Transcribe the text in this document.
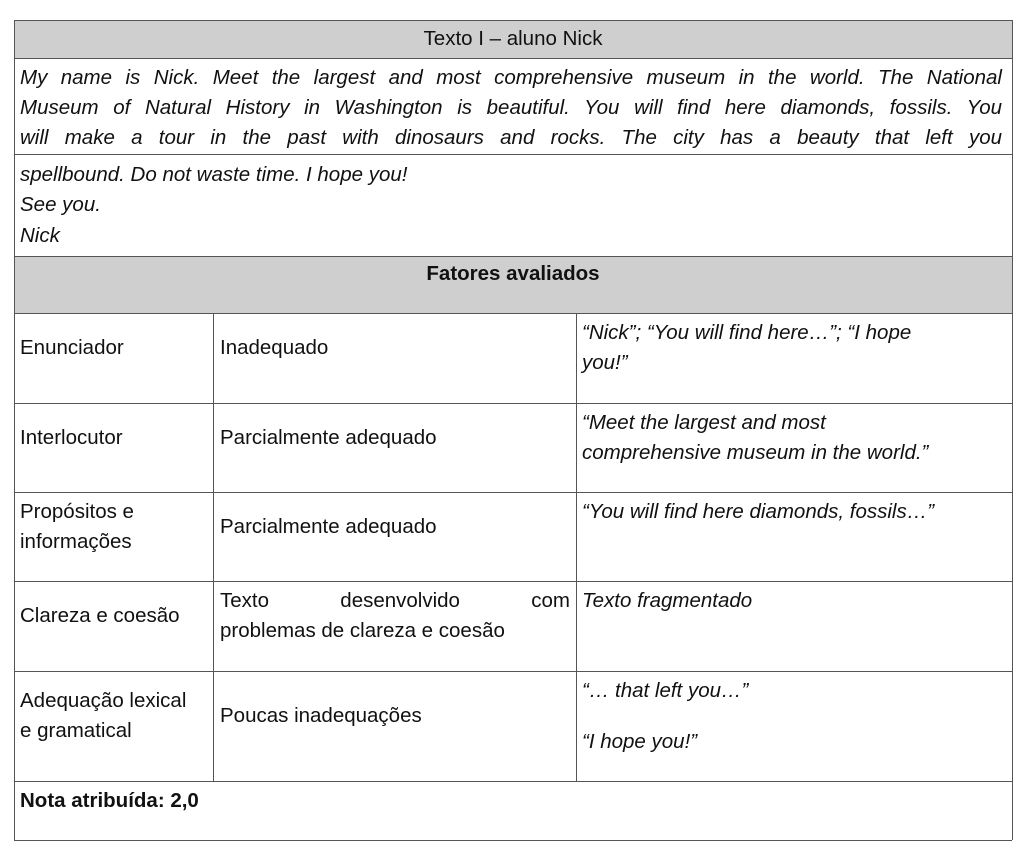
Texto I – aluno Nick
My name is Nick. Meet the largest and most comprehensive museum in the world. The National
Museum of Natural History in Washington is beautiful. You will find here diamonds, fossils. You
will make a tour in the past with dinosaurs and rocks. The city has a beauty that left you
spellbound. Do not waste time. I hope you!
See you.
Nick
Fatores avaliados
Enunciador	Inadequado
“Nick”; “You will find here…”; “I hope
you!”
Interlocutor	Parcialmente adequado
“Meet the largest and most
comprehensive museum in the world.”
Propósitos e
informações
Parcialmente adequado
“You will find here diamonds, fossils…”
Clareza e coesão
Texto desenvolvido com
problemas de clareza e coesão
Texto fragmentado
Adequação lexical
e gramatical
Poucas inadequações
“… that left you…”
“I hope you!”
Nota atribuída: 2,0
